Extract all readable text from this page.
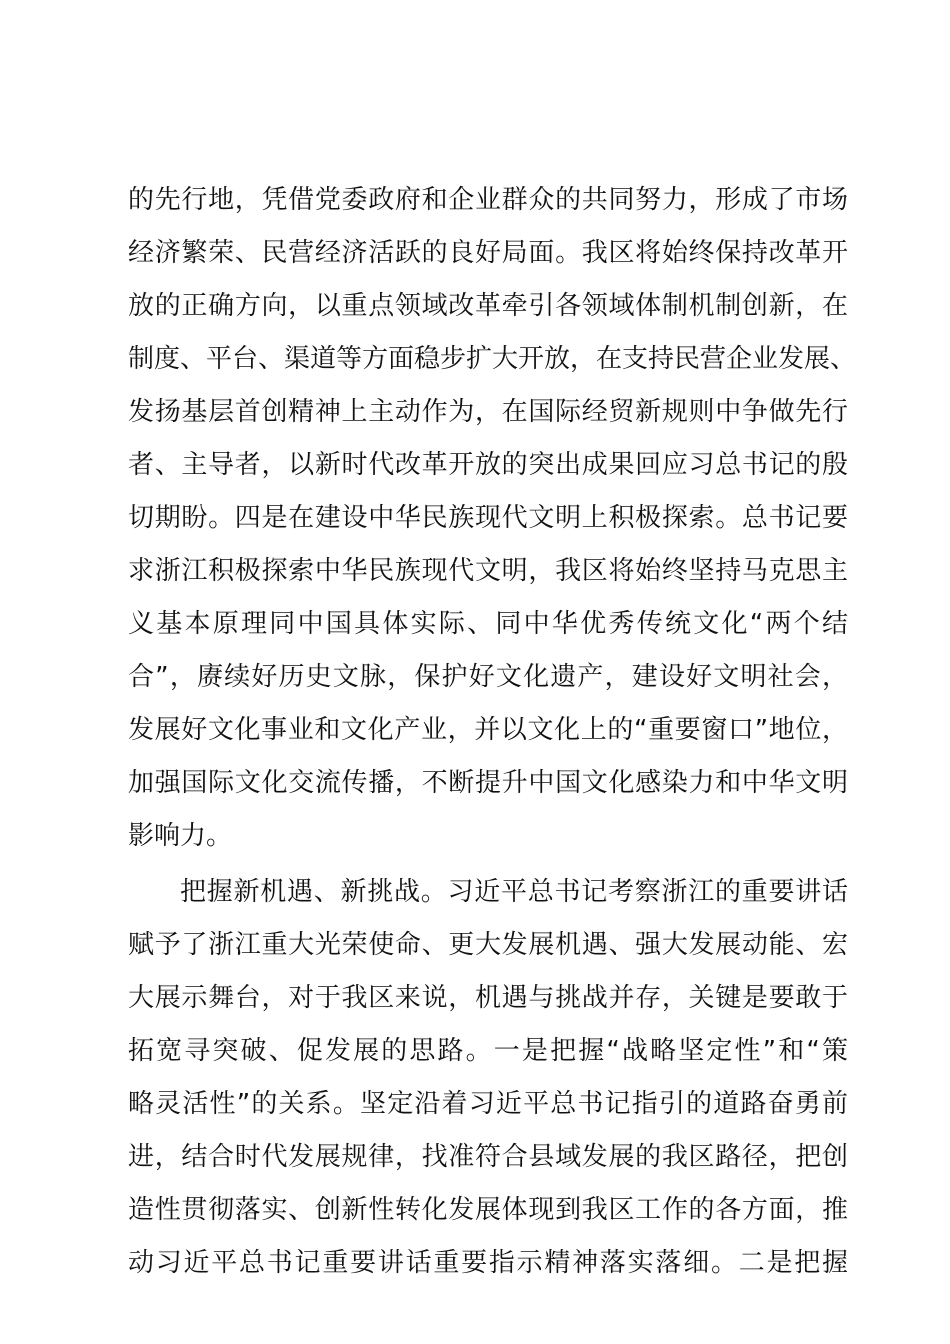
的先行地，凭借党委政府和企业群众的共同努力，形成了市场
经济繁荣、民营经济活跃的良好局面。我区将始终保持改革开
放的正确方向，以重点领域改革牵引各领域体制机制创新，在
制度、平台、渠道等方面稳步扩大开放，在支持民营企业发展、
发扬基层首创精神上主动作为，在国际经贸新规则中争做先行
者、主导者，以新时代改革开放的突出成果回应习总书记的殷
切期盼。四是在建设中华民族现代文明上积极探索。总书记要
求浙江积极探索中华民族现代文明，我区将始终坚持马克思主
义基本原理同中国具体实际、同中华优秀传统文化“两个结
合”，赓续好历史文脉，保护好文化遗产，建设好文明社会，
发展好文化事业和文化产业，并以文化上的“重要窗口”地位，
加强国际文化交流传播，不断提升中国文化感染力和中华文明
影响力。
把握新机遇、新挑战。习近平总书记考察浙江的重要讲话
赋予了浙江重大光荣使命、更大发展机遇、强大发展动能、宏
大展示舞台，对于我区来说，机遇与挑战并存，关键是要敢于
拓宽寻突破、促发展的思路。一是把握“战略坚定性”和“策
略灵活性”的关系。坚定沿着习近平总书记指引的道路奋勇前
进，结合时代发展规律，找准符合县域发展的我区路径，把创
造性贯彻落实、创新性转化发展体现到我区工作的各方面，推
动习近平总书记重要讲话重要指示精神落实落细。二是把握
